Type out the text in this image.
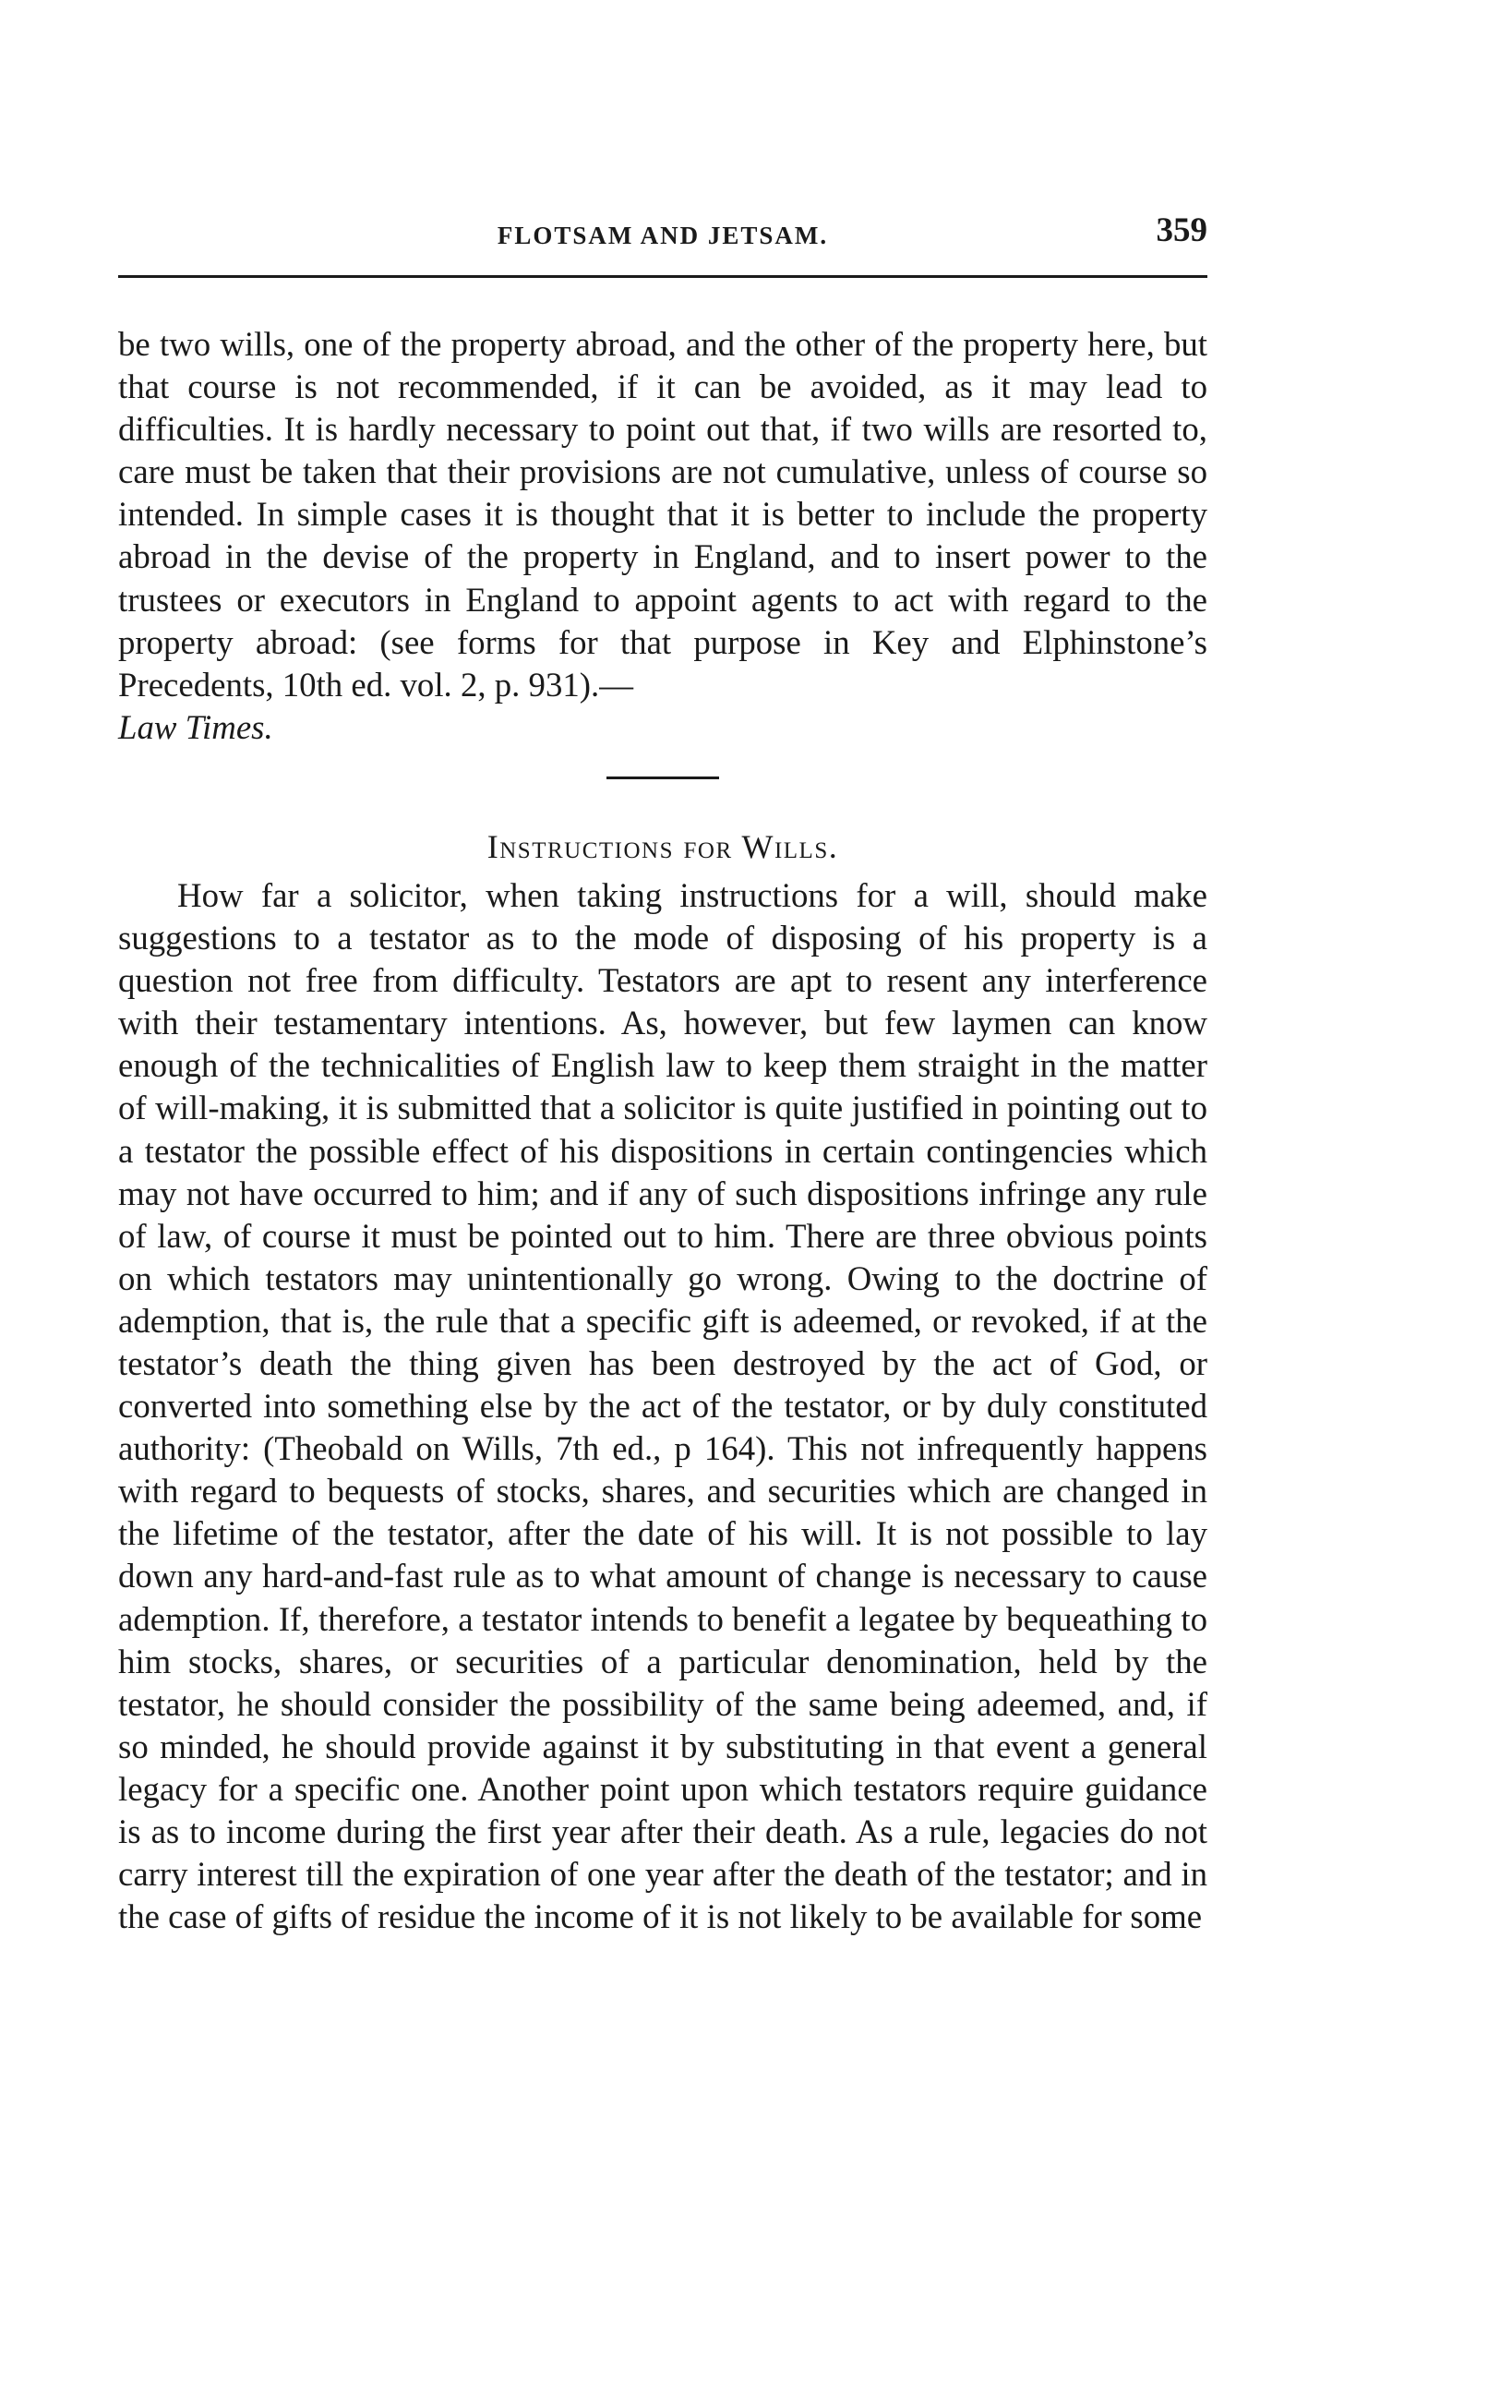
FLOTSAM AND JETSAM.	359

be two wills, one of the property abroad, and the other of the property here, but that course is not recommended, if it can be avoided, as it may lead to difficulties. It is hardly necessary to point out that, if two wills are resorted to, care must be taken that their provisions are not cumulative, unless of course so intended. In simple cases it is thought that it is better to include the property abroad in the devise of the property in England, and to insert power to the trustees or executors in England to appoint agents to act with regard to the property abroad: (see forms for that purpose in Key and Elphinstone’s Precedents, 10th ed. vol. 2, p. 931).—
Law Times.

Instructions for Wills.

How far a solicitor, when taking instructions for a will, should make suggestions to a testator as to the mode of disposing of his property is a question not free from difficulty. Testators are apt to resent any interference with their testamentary intentions. As, however, but few laymen can know enough of the technicalities of English law to keep them straight in the matter of will-making, it is submitted that a solicitor is quite justified in pointing out to a testator the possible effect of his dispositions in certain contingencies which may not have occurred to him; and if any of such dispositions infringe any rule of law, of course it must be pointed out to him. There are three obvious points on which testators may unintentionally go wrong. Owing to the doctrine of ademption, that is, the rule that a specific gift is adeemed, or revoked, if at the testator’s death the thing given has been destroyed by the act of God, or converted into something else by the act of the testator, or by duly constituted authority: (Theobald on Wills, 7th ed., p 164). This not infrequently happens with regard to bequests of stocks, shares, and securities which are changed in the lifetime of the testator, after the date of his will. It is not possible to lay down any hard-and-fast rule as to what amount of change is necessary to cause ademption. If, therefore, a testator intends to benefit a legatee by bequeathing to him stocks, shares, or securities of a particular denomination, held by the testator, he should consider the possibility of the same being adeemed, and, if so minded, he should provide against it by substituting in that event a general legacy for a specific one. Another point upon which testators require guidance is as to income during the first year after their death. As a rule, legacies do not carry interest till the expiration of one year after the death of the testator; and in the case of gifts of residue the income of it is not likely to be available for some
